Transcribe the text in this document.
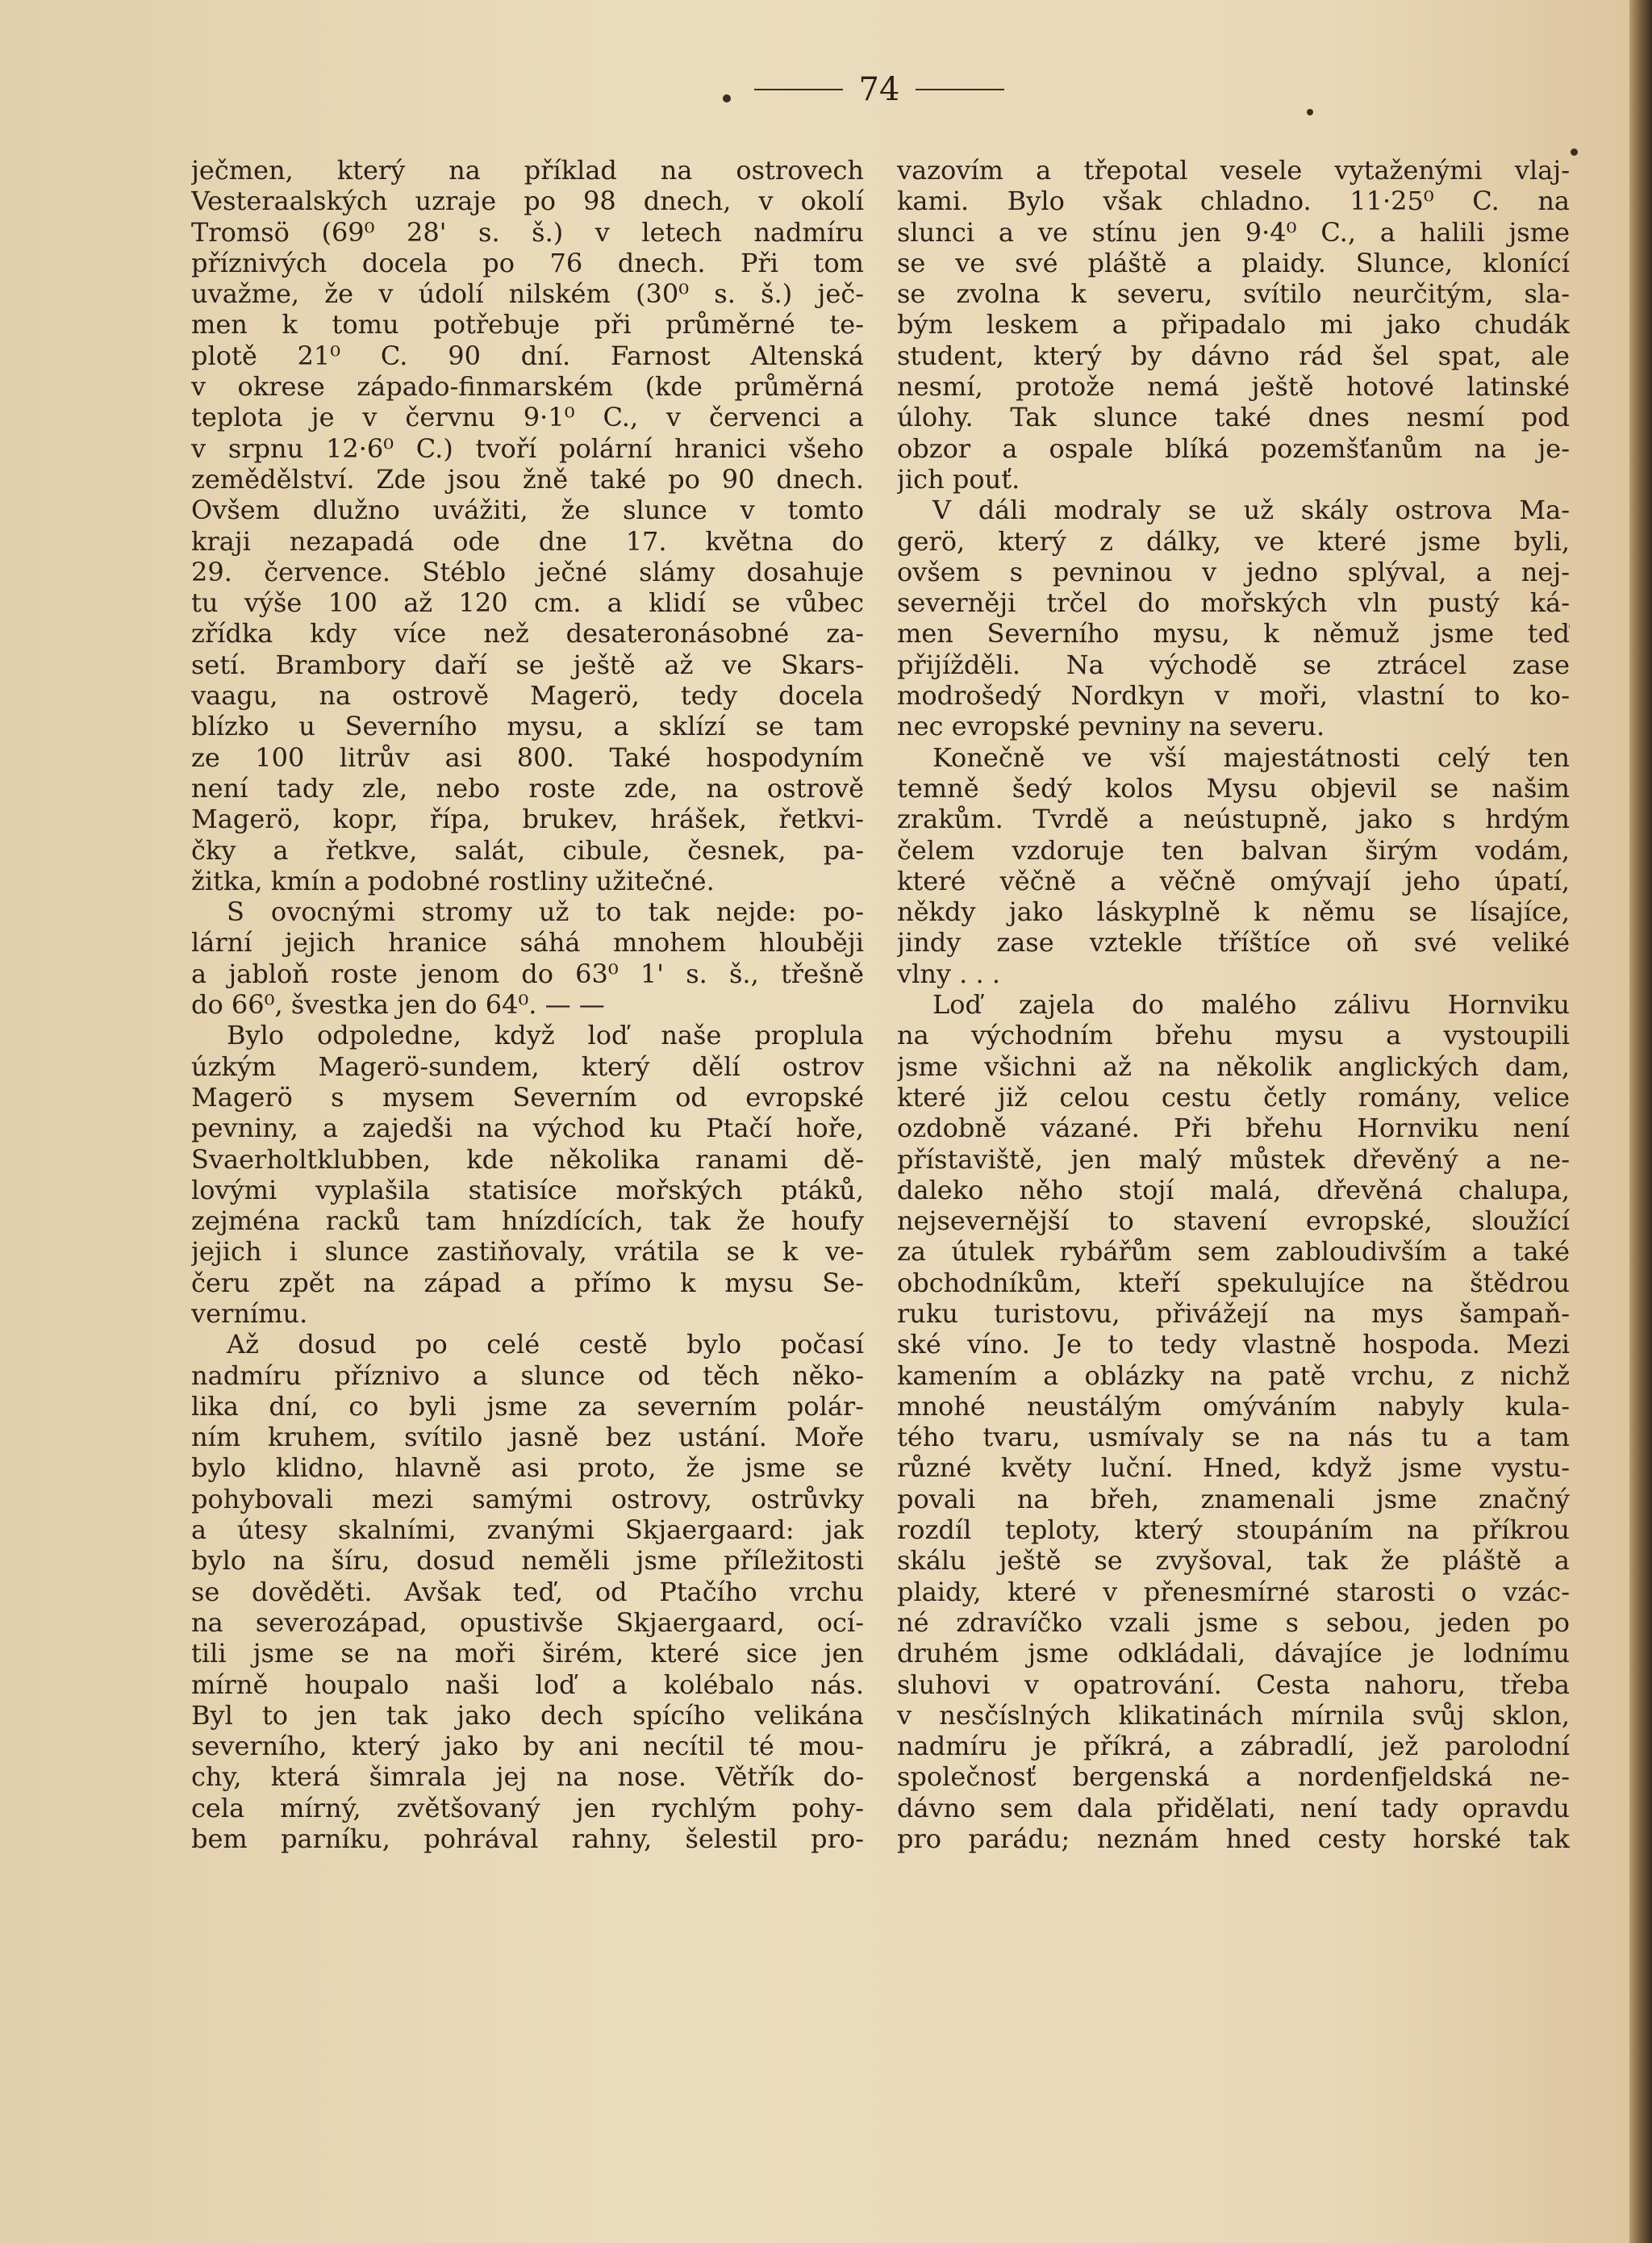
74
ječmen, který na příklad na ostrovech
Vesteraalských uzraje po 98 dnech, v okolí
Tromsö (69⁰ 28' s. š.) v letech nadmíru
příznivých docela po 76 dnech. Při tom
uvažme, že v údolí nilském (30⁰ s. š.) ječ-
men k tomu potřebuje při průměrné te-
plotě 21⁰ C. 90 dní. Farnost Altenská
v okrese západo-finmarském (kde průměrná
teplota je v červnu 9·1⁰ C., v červenci a
v srpnu 12·6⁰ C.) tvoří polární hranici všeho
zemědělství. Zde jsou žně také po 90 dnech.
Ovšem dlužno uvážiti, že slunce v tomto
kraji nezapadá ode dne 17. května do
29. července. Stéblo ječné slámy dosahuje
tu výše 100 až 120 cm. a klidí se vůbec
zřídka kdy více než desateronásobné za-
setí. Brambory daří se ještě až ve Skars-
vaagu, na ostrově Magerö, tedy docela
blízko u Severního mysu, a sklízí se tam
ze 100 litrův asi 800. Také hospodyním
není tady zle, nebo roste zde, na ostrově
Magerö, kopr, řípa, brukev, hrášek, řetkvi-
čky a řetkve, salát, cibule, česnek, pa-
žitka, kmín a podobné rostliny užitečné.
S ovocnými stromy už to tak nejde: po-
lární jejich hranice sáhá mnohem hlouběji
a jabloň roste jenom do 63⁰ 1' s. š., třešně
do 66⁰, švestka jen do 64⁰. — —
Bylo odpoledne, když loď naše proplula
úzkým Magerö-sundem, který dělí ostrov
Magerö s mysem Severním od evropské
pevniny, a zajedši na východ ku Ptačí hoře,
Svaerholtklubben, kde několika ranami dě-
lovými vyplašila statisíce mořských ptáků,
zejména racků tam hnízdících, tak že houfy
jejich i slunce zastiňovaly, vrátila se k ve-
čeru zpět na západ a přímo k mysu Se-
vernímu.
Až dosud po celé cestě bylo počasí
nadmíru příznivo a slunce od těch něko-
lika dní, co byli jsme za severním polár-
ním kruhem, svítilo jasně bez ustání. Moře
bylo klidno, hlavně asi proto, že jsme se
pohybovali mezi samými ostrovy, ostrůvky
a útesy skalními, zvanými Skjaergaard: jak
bylo na šíru, dosud neměli jsme příležitosti
se dověděti. Avšak teď, od Ptačího vrchu
na severozápad, opustivše Skjaergaard, ocí-
tili jsme se na moři širém, které sice jen
mírně houpalo naši loď a kolébalo nás.
Byl to jen tak jako dech spícího velikána
severního, který jako by ani necítil té mou-
chy, která šimrala jej na nose. Větřík do-
cela mírný, zvětšovaný jen rychlým pohy-
bem parníku, pohrával rahny, šelestil pro-
vazovím a třepotal vesele vytaženými vlaj-
kami. Bylo však chladno. 11·25⁰ C. na
slunci a ve stínu jen 9·4⁰ C., a halili jsme
se ve své pláště a plaidy. Slunce, klonící
se zvolna k severu, svítilo neurčitým, sla-
bým leskem a připadalo mi jako chudák
student, který by dávno rád šel spat, ale
nesmí, protože nemá ještě hotové latinské
úlohy. Tak slunce také dnes nesmí pod
obzor a ospale blíká pozemšťanům na je-
jich pouť.
V dáli modraly se už skály ostrova Ma-
gerö, který z dálky, ve které jsme byli,
ovšem s pevninou v jedno splýval, a nej-
severněji trčel do mořských vln pustý ká-
men Severního mysu, k němuž jsme teď
přijížděli. Na východě se ztrácel zase
modrošedý Nordkyn v moři, vlastní to ko-
nec evropské pevniny na severu.
Konečně ve vší majestátnosti celý ten
temně šedý kolos Mysu objevil se našim
zrakům. Tvrdě a neústupně, jako s hrdým
čelem vzdoruje ten balvan širým vodám,
které věčně a věčně omývají jeho úpatí,
někdy jako láskyplně k němu se lísajíce,
jindy zase vztekle tříštíce oň své veliké
vlny . . .
Loď zajela do malého zálivu Hornviku
na východním břehu mysu a vystoupili
jsme všichni až na několik anglických dam,
které již celou cestu četly romány, velice
ozdobně vázané. Při břehu Hornviku není
přístaviště, jen malý můstek dřevěný a ne-
daleko něho stojí malá, dřevěná chalupa,
nejsevernější to stavení evropské, sloužící
za útulek rybářům sem zabloudivším a také
obchodníkům, kteří spekulujíce na štědrou
ruku turistovu, přivážejí na mys šampaň-
ské víno. Je to tedy vlastně hospoda. Mezi
kamením a oblázky na patě vrchu, z nichž
mnohé neustálým omýváním nabyly kula-
tého tvaru, usmívaly se na nás tu a tam
různé květy luční. Hned, když jsme vystu-
povali na břeh, znamenali jsme značný
rozdíl teploty, který stoupáním na příkrou
skálu ještě se zvyšoval, tak že pláště a
plaidy, které v přenesmírné starosti o vzác-
né zdravíčko vzali jsme s sebou, jeden po
druhém jsme odkládali, dávajíce je lodnímu
sluhovi v opatrování. Cesta nahoru, třeba
v nesčíslných klikatinách mírnila svůj sklon,
nadmíru je příkrá, a zábradlí, jež parolodní
společnosť bergenská a nordenfjeldská ne-
dávno sem dala přidělati, není tady opravdu
pro parádu; neznám hned cesty horské tak
